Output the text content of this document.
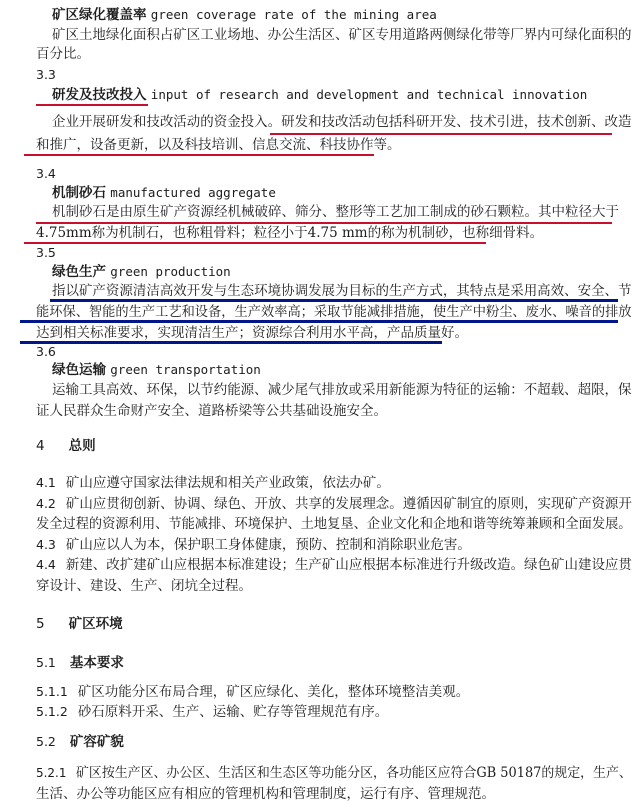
矿区绿化覆盖率 green coverage rate of the mining area
矿区土地绿化面积占矿区工业场地、办公生活区、矿区专用道路两侧绿化带等厂界内可绿化面积的
百分比。
3.3
研发及技改投入 input of research and development and technical innovation
企业开展研发和技改活动的资金投入。研发和技改活动包括科研开发、技术引进，技术创新、改造
和推广，设备更新，以及科技培训、信息交流、科技协作等。
3.4
机制砂石 manufactured aggregate
机制砂石是由原生矿产资源经机械破碎、筛分、整形等工艺加工制成的砂石颗粒。其中粒径大于
4.75mm称为机制石，也称粗骨料；粒径小于4.75 mm的称为机制砂，也称细骨料。
3.5
绿色生产 green production
指以矿产资源清洁高效开发与生态环境协调发展为目标的生产方式，其特点是采用高效、安全、节
能环保、智能的生产工艺和设备，生产效率高；采取节能减排措施，使生产中粉尘、废水、噪音的排放
达到相关标准要求，实现清洁生产；资源综合利用水平高，产品质量好。
3.6
绿色运输 green transportation
运输工具高效、环保，以节约能源、减少尾气排放或采用新能源为特征的运输：不超载、超限，保
证人民群众生命财产安全、道路桥梁等公共基础设施安全。
4 总则
4.1 矿山应遵守国家法律法规和相关产业政策，依法办矿。
4.2 矿山应贯彻创新、协调、绿色、开放、共享的发展理念。遵循因矿制宜的原则，实现矿产资源开
发全过程的资源利用、节能减排、环境保护、土地复垦、企业文化和企地和谐等统筹兼顾和全面发展。
4.3 矿山应以人为本，保护职工身体健康，预防、控制和消除职业危害。
4.4 新建、改扩建矿山应根据本标准建设；生产矿山应根据本标准进行升级改造。绿色矿山建设应贯
穿设计、建设、生产、闭坑全过程。
5 矿区环境
5.1 基本要求
5.1.1 矿区功能分区布局合理，矿区应绿化、美化，整体环境整洁美观。
5.1.2 砂石原料开采、生产、运输、贮存等管理规范有序。
5.2 矿容矿貌
5.2.1 矿区按生产区、办公区、生活区和生态区等功能分区，各功能区应符合GB 50187的规定，生产、
生活、办公等功能区应有相应的管理机构和管理制度，运行有序、管理规范。
